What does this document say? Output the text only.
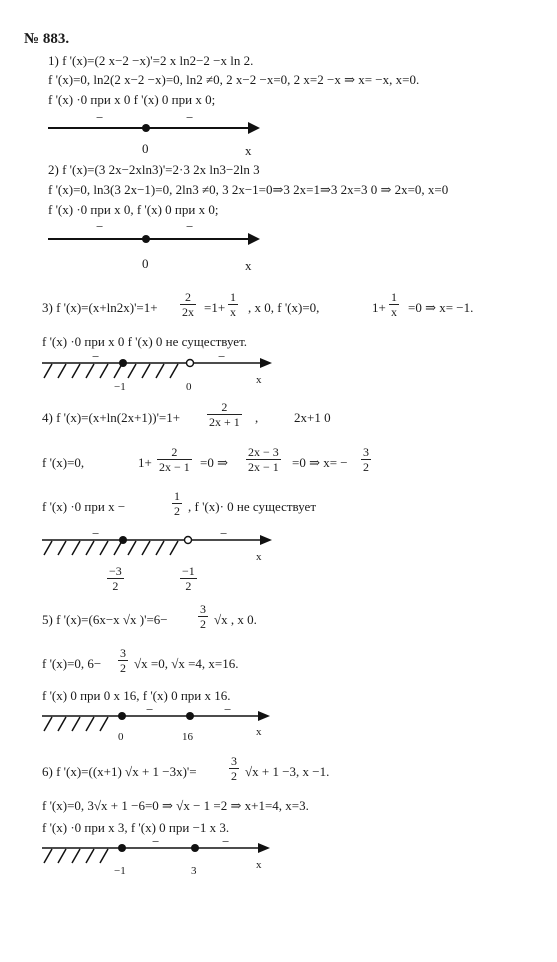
№ 883.
1) f '(x)=(2 x−2 −x)'=2 x ln2−2 −x ln 2.
f '(x)=0, ln2(2 x−2 −x)=0, ln2 ≠0, 2 x−2 −x=0, 2 x=2 −x ⇒ x= −x, x=0.
f '(x) ·0 при x 0 f '(x) 0 при x 0;
−	−
0	x
2) f '(x)=(3 2x−2xln3)'=2·3 2x ln3−2ln 3
f '(x)=0, ln3(3 2x−1)=0, 2ln3 ≠0, 3 2x−1=0⇒3 2x=1⇒3 2x=3 0 ⇒ 2x=0, x=0
f '(x) ·0 при x 0, f '(x) 0 при x 0;
−	−
0	x
3) f '$(x)=(x+\ln 2x)'=1+ \frac{2}{2x} =1+ \frac{1}{x}$ , x 0, f '(x)=0,	$1+ \frac{1}{x} =0$ ⇒ x= −1.
f '(x) ·0 при x 0 f '(x) 0 не существует.
−	−
−1	0
x
4) f '$(x)=(x+\ln(2x+1))'=1+ \frac{2}{2x + 1}$ ,	2x+1 0
f '(x)=0,	$1+ \frac{2}{2x - 1} =0$ ⇒ $\frac{2x - 3}{2x - 1} =0$ ⇒ $x= - \frac{3}{2}$
f '(x) ·0 при x −	$\frac{1}{2}$ , f '(x)· 0 не существует
−	−
$\frac{-3}{2}$	$\frac{-1}{2}$
x
5) f '(x)=(6x−x √x )'=6−	$\frac{3}{2} √x$ , x 0.
f '(x)=0, $6- \frac{3}{2} √x =0$, √x =4, x=16.
f '(x) 0 при 0 x 16, f '(x) 0 при x 16.
−	−
0	16	x
6) f '(x)=((x+1) √x + 1 −3x)'=	$\frac{3}{2} √x + 1 -3$, x −1.
f '(x)=0, 3√x + 1 −6=0 ⇒ √x − 1 =2 ⇒ x+1=4, x=3.
f '(x) ·0 при x 3, f '(x) 0 при −1 x 3.
−	−
−1	3	x
